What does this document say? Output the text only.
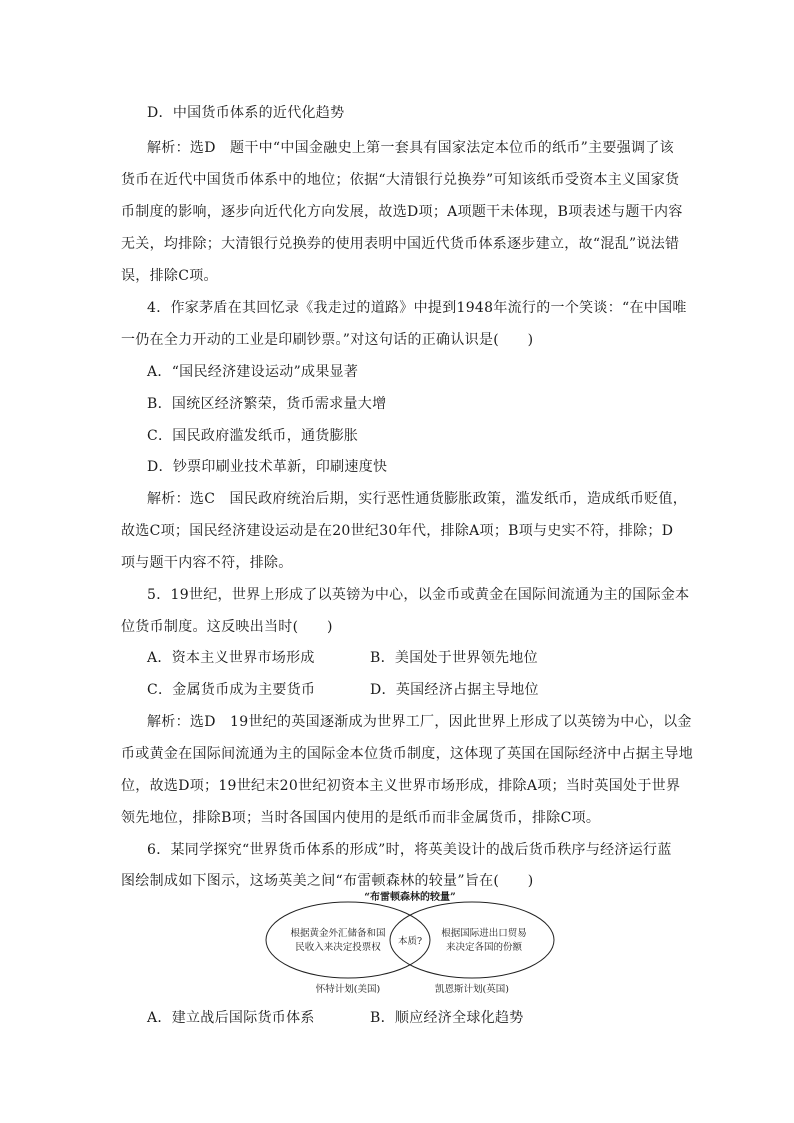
D．中国货币体系的近代化趋势
解析：选D　题干中“中国金融史上第一套具有国家法定本位币的纸币”主要强调了该
货币在近代中国货币体系中的地位；依据“大清银行兑换券”可知该纸币受资本主义国家货
币制度的影响，逐步向近代化方向发展，故选D项；A项题干未体现，B项表述与题干内容
无关，均排除；大清银行兑换券的使用表明中国近代货币体系逐步建立，故“混乱”说法错
误，排除C项。
4．作家茅盾在其回忆录《我走过的道路》中提到1948年流行的一个笑谈：“在中国唯
一仍在全力开动的工业是印刷钞票。”对这句话的正确认识是(　　)
A．“国民经济建设运动”成果显著
B．国统区经济繁荣，货币需求量大增
C．国民政府滥发纸币，通货膨胀
D．钞票印刷业技术革新，印刷速度快
解析：选C　国民政府统治后期，实行恶性通货膨胀政策，滥发纸币，造成纸币贬值，
故选C项；国民经济建设运动是在20世纪30年代，排除A项；B项与史实不符，排除；D
项与题干内容不符，排除。
5．19世纪，世界上形成了以英镑为中心，以金币或黄金在国际间流通为主的国际金本
位货币制度。这反映出当时(　　)
A．资本主义世界市场形成	B．美国处于世界领先地位
C．金属货币成为主要货币	D．英国经济占据主导地位
解析：选D　19世纪的英国逐渐成为世界工厂，因此世界上形成了以英镑为中心，以金
币或黄金在国际间流通为主的国际金本位货币制度，这体现了英国在国际经济中占据主导地
位，故选D项；19世纪末20世纪初资本主义世界市场形成，排除A项；当时英国处于世界
领先地位，排除B项；当时各国国内使用的是纸币而非金属货币，排除C项。
6．某同学探究“世界货币体系的形成”时，将英美设计的战后货币秩序与经济运行蓝
图绘制成如下图示，这场英美之间“布雷顿森林的较量”旨在(　　)
“布雷顿森林的较量”
根据黄金外汇储备和国
民收入来决定投票权
本质?
根据国际进出口贸易
来决定各国的份额
怀特计划(美国)	凯恩斯计划(英国)
A．建立战后国际货币体系	B．顺应经济全球化趋势
